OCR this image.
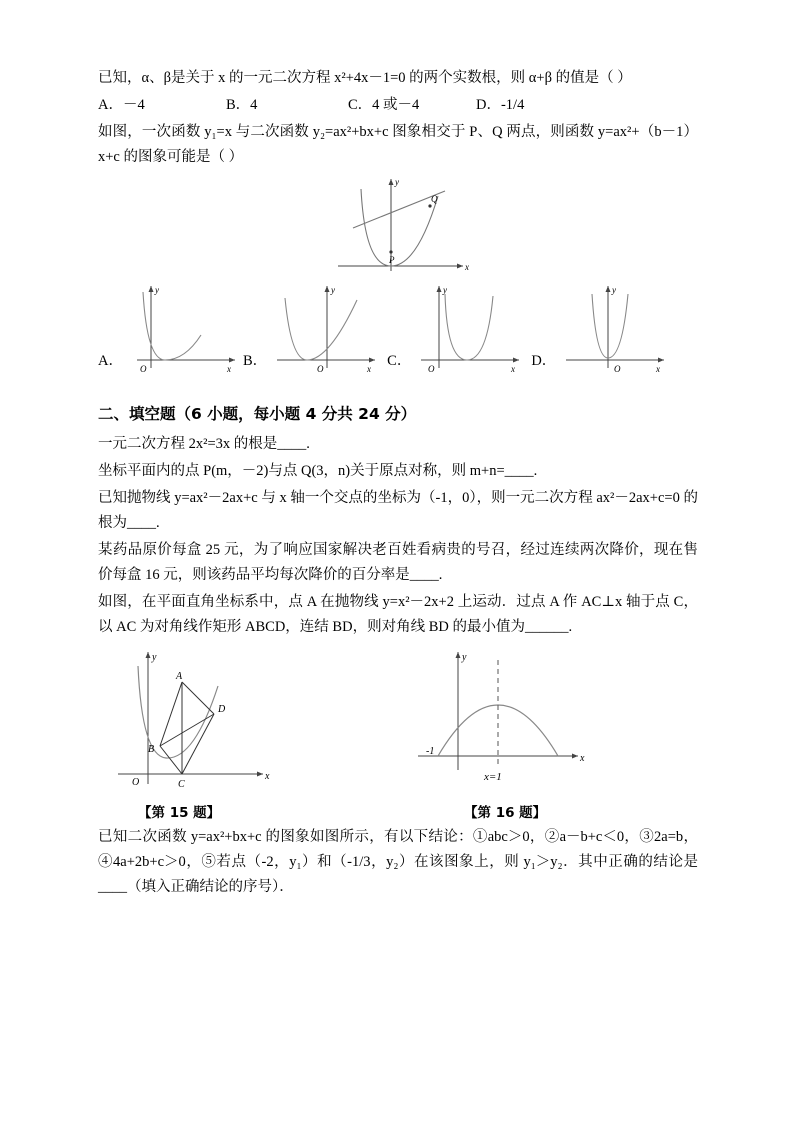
已知，α、β是关于 x 的一元二次方程 x²+4x－1=0 的两个实数根，则 α+β 的值是（ ）
A．－4	B．4	C．4 或－4	D．-1/4
如图，一次函数 y₁=x 与二次函数 y₂=ax²+bx+c 图象相交于 P、Q 两点，则函数 y=ax²+（b－1）x+c 的图象可能是（ ）
y
x
P
Q
A．
y
x
O	B．
y
x
O	C．
y
x
O	D．
y
x
O
二、填空题（6 小题，每小题 4 分共 24 分）
一元二次方程 2x²=3x 的根是____.
坐标平面内的点 P(m，－2)与点 Q(3，n)关于原点对称，则 m+n=____.
已知抛物线 y=ax²－2ax+c 与 x 轴一个交点的坐标为（-1，0），则一元二次方程 ax²－2ax+c=0 的根为____.
某药品原价每盒 25 元，为了响应国家解决老百姓看病贵的号召，经过连续两次降价，现在售价每盒 16 元，则该药品平均每次降价的百分率是____.
如图，在平面直角坐标系中，点 A 在抛物线 y=x²－2x+2 上运动．过点 A 作 AC⊥x 轴于点 C，以 AC 为对角线作矩形 ABCD，连结 BD，则对角线 BD 的最小值为______.
y
x
O
A
B
C
D
【第 15 题】
y
x
-1
x=1
【第 16 题】
已知二次函数 y=ax²+bx+c 的图象如图所示，有以下结论：①abc＞0，②a－b+c＜0，③2a=b，④4a+2b+c＞0，⑤若点（-2，y₁）和（-1/3，y₂）在该图象上，则 y₁＞y₂．其中正确的结论是____（填入正确结论的序号）．
